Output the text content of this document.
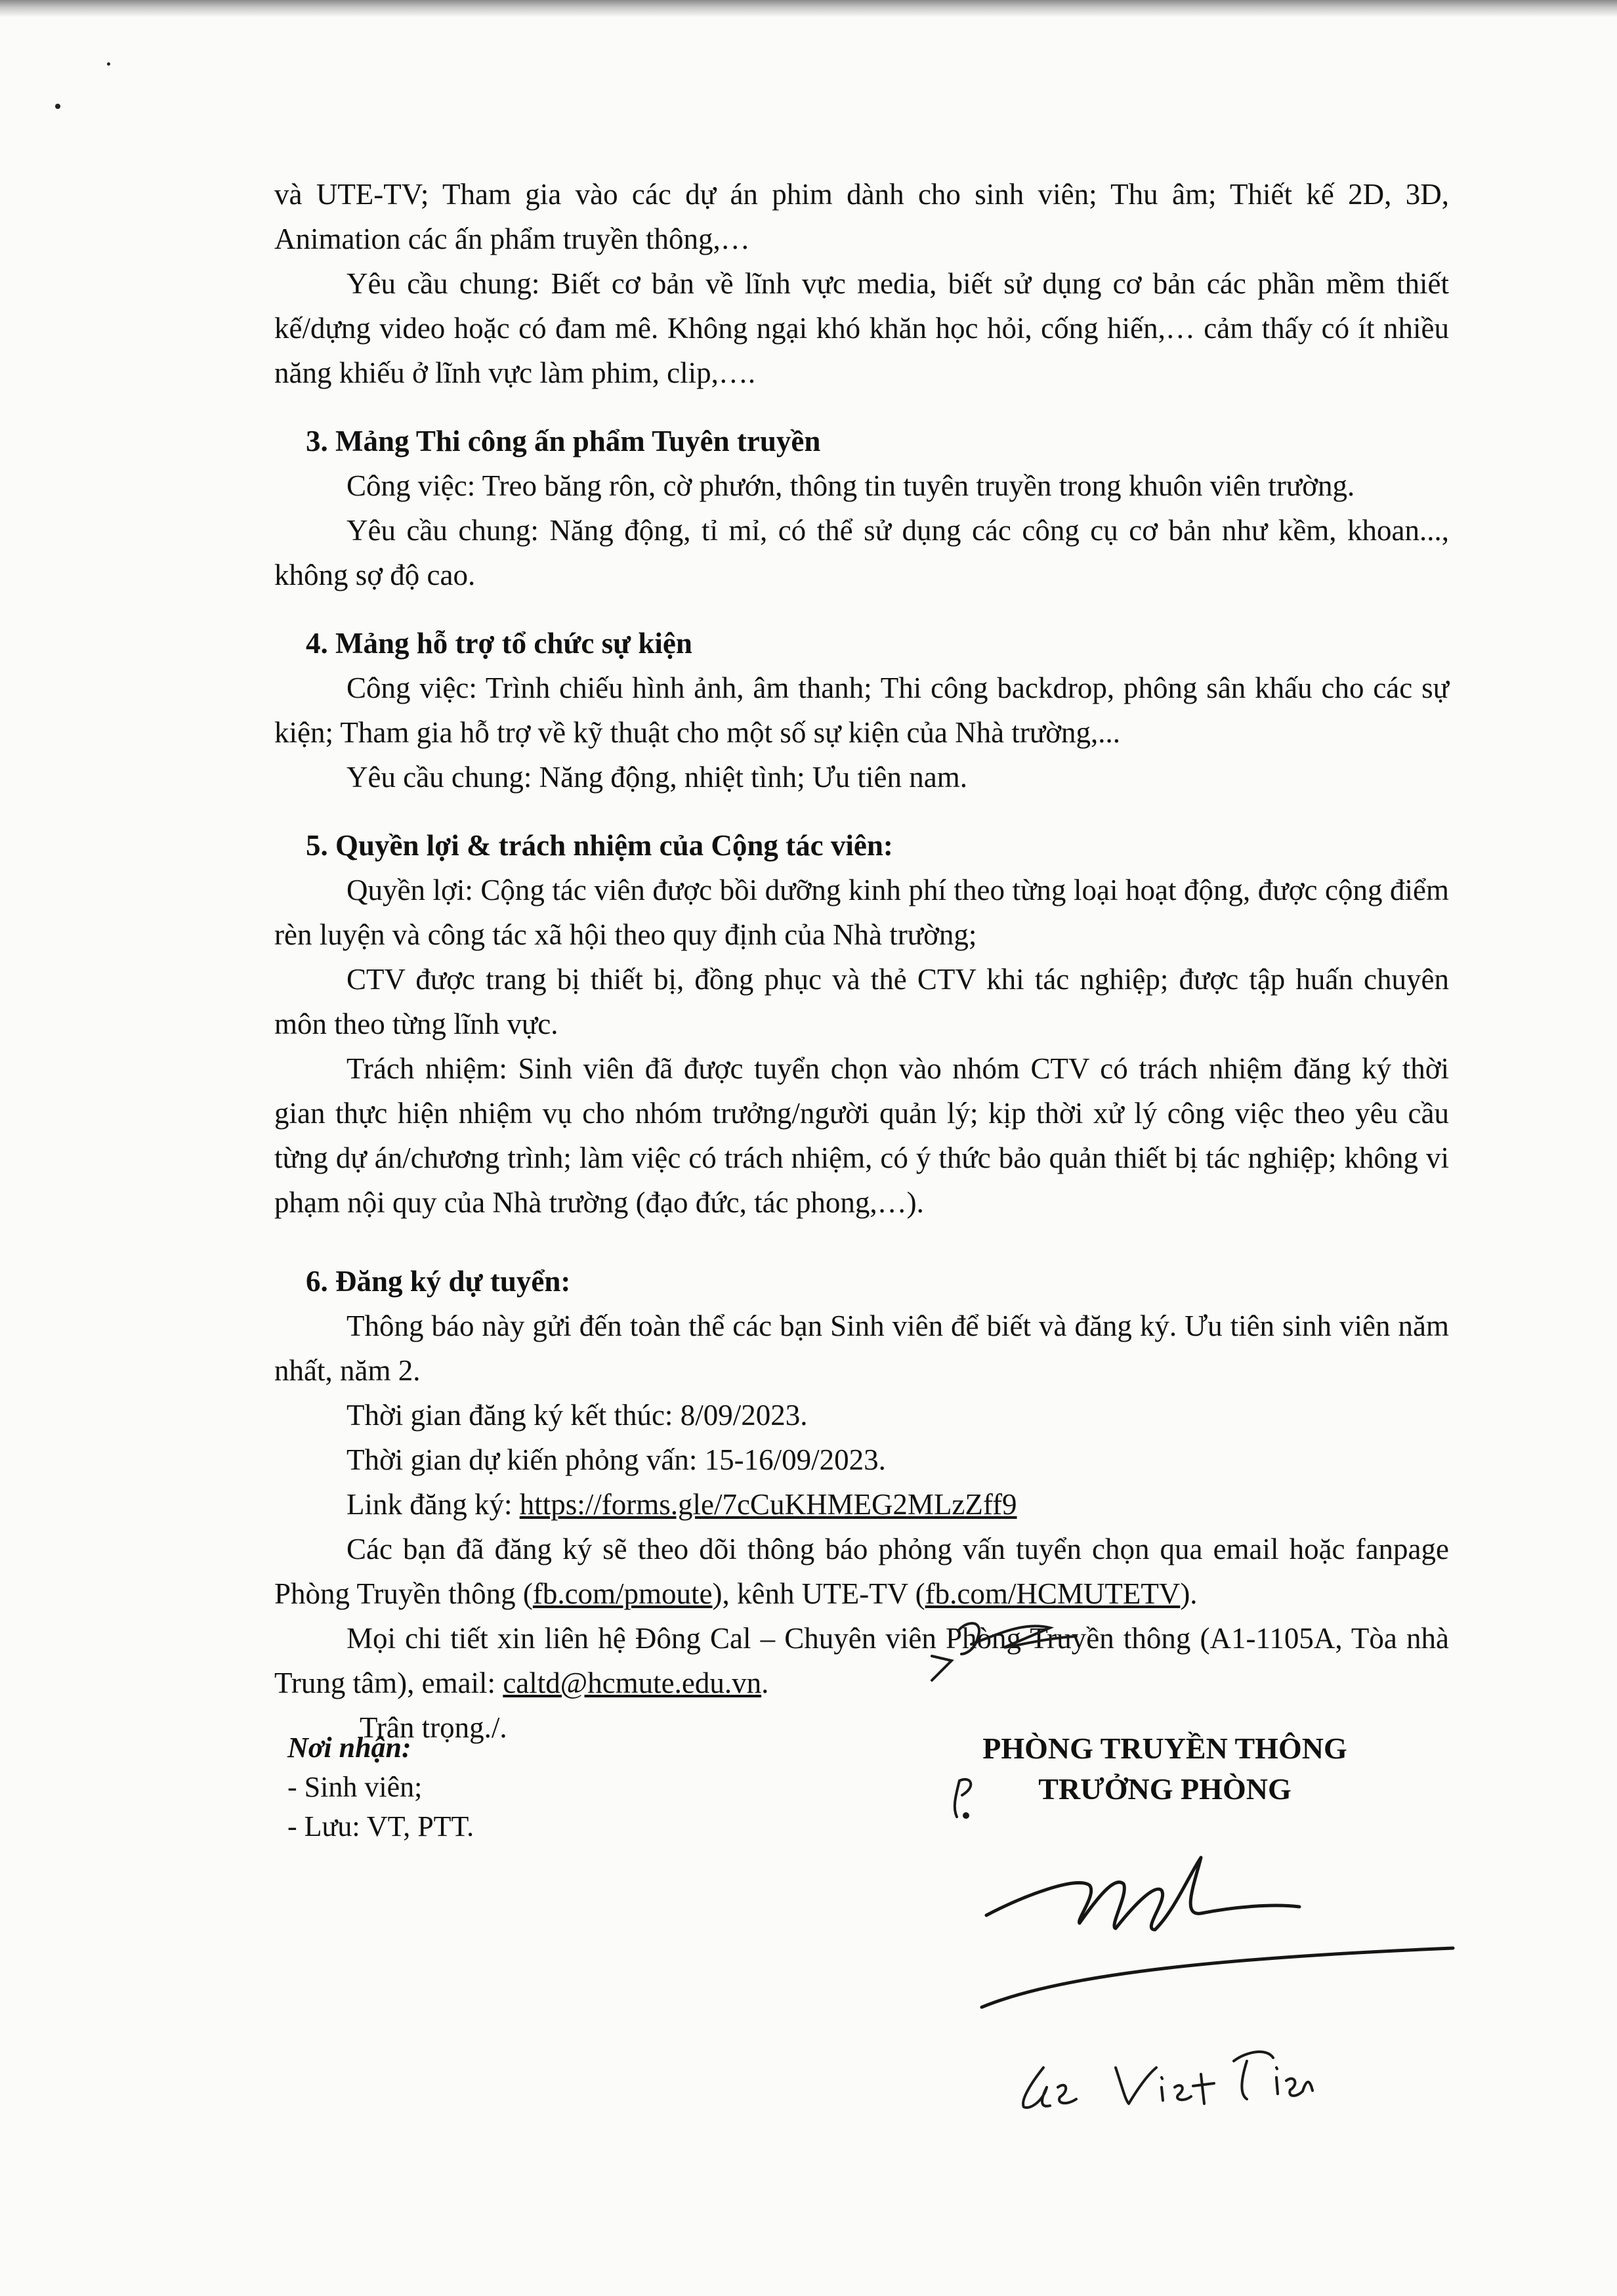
và UTE-TV; Tham gia vào các dự án phim dành cho sinh viên; Thu âm; Thiết kế 2D, 3D, Animation các ấn phẩm truyền thông,…

Yêu cầu chung: Biết cơ bản về lĩnh vực media, biết sử dụng cơ bản các phần mềm thiết kế/dựng video hoặc có đam mê. Không ngại khó khăn học hỏi, cống hiến,… cảm thấy có ít nhiều năng khiếu ở lĩnh vực làm phim, clip,….

3. Mảng Thi công ấn phẩm Tuyên truyền

Công việc: Treo băng rôn, cờ phướn, thông tin tuyên truyền trong khuôn viên trường.

Yêu cầu chung: Năng động, tỉ mỉ, có thể sử dụng các công cụ cơ bản như kềm, khoan..., không sợ độ cao.

4. Mảng hỗ trợ tổ chức sự kiện

Công việc: Trình chiếu hình ảnh, âm thanh; Thi công backdrop, phông sân khấu cho các sự kiện; Tham gia hỗ trợ về kỹ thuật cho một số sự kiện của Nhà trường,...

Yêu cầu chung: Năng động, nhiệt tình; Ưu tiên nam.

5. Quyền lợi & trách nhiệm của Cộng tác viên:

Quyền lợi: Cộng tác viên được bồi dưỡng kinh phí theo từng loại hoạt động, được cộng điểm rèn luyện và công tác xã hội theo quy định của Nhà trường;

CTV được trang bị thiết bị, đồng phục và thẻ CTV khi tác nghiệp; được tập huấn chuyên môn theo từng lĩnh vực.

Trách nhiệm: Sinh viên đã được tuyển chọn vào nhóm CTV có trách nhiệm đăng ký thời gian thực hiện nhiệm vụ cho nhóm trưởng/người quản lý; kịp thời xử lý công việc theo yêu cầu từng dự án/chương trình; làm việc có trách nhiệm, có ý thức bảo quản thiết bị tác nghiệp; không vi phạm nội quy của Nhà trường (đạo đức, tác phong,…).

6. Đăng ký dự tuyển:

Thông báo này gửi đến toàn thể các bạn Sinh viên để biết và đăng ký. Ưu tiên sinh viên năm nhất, năm 2.

Thời gian đăng ký kết thúc: 8/09/2023.

Thời gian dự kiến phỏng vấn: 15-16/09/2023.

Link đăng ký: https://forms.gle/7cCuKHMEG2MLzZff9

Các bạn đã đăng ký sẽ theo dõi thông báo phỏng vấn tuyển chọn qua email hoặc fanpage Phòng Truyền thông (fb.com/pmoute), kênh UTE-TV (fb.com/HCMUTETV).

Mọi chi tiết xin liên hệ Đông Cal – Chuyên viên Phòng Truyền thông (A1-1105A, Tòa nhà Trung tâm), email: caltd@hcmute.edu.vn.

Trân trọng./.

Nơi nhận:
- Sinh viên;
- Lưu: VT, PTT.
PHÒNG TRUYỀN THÔNG
TRƯỞNG PHÒNG
